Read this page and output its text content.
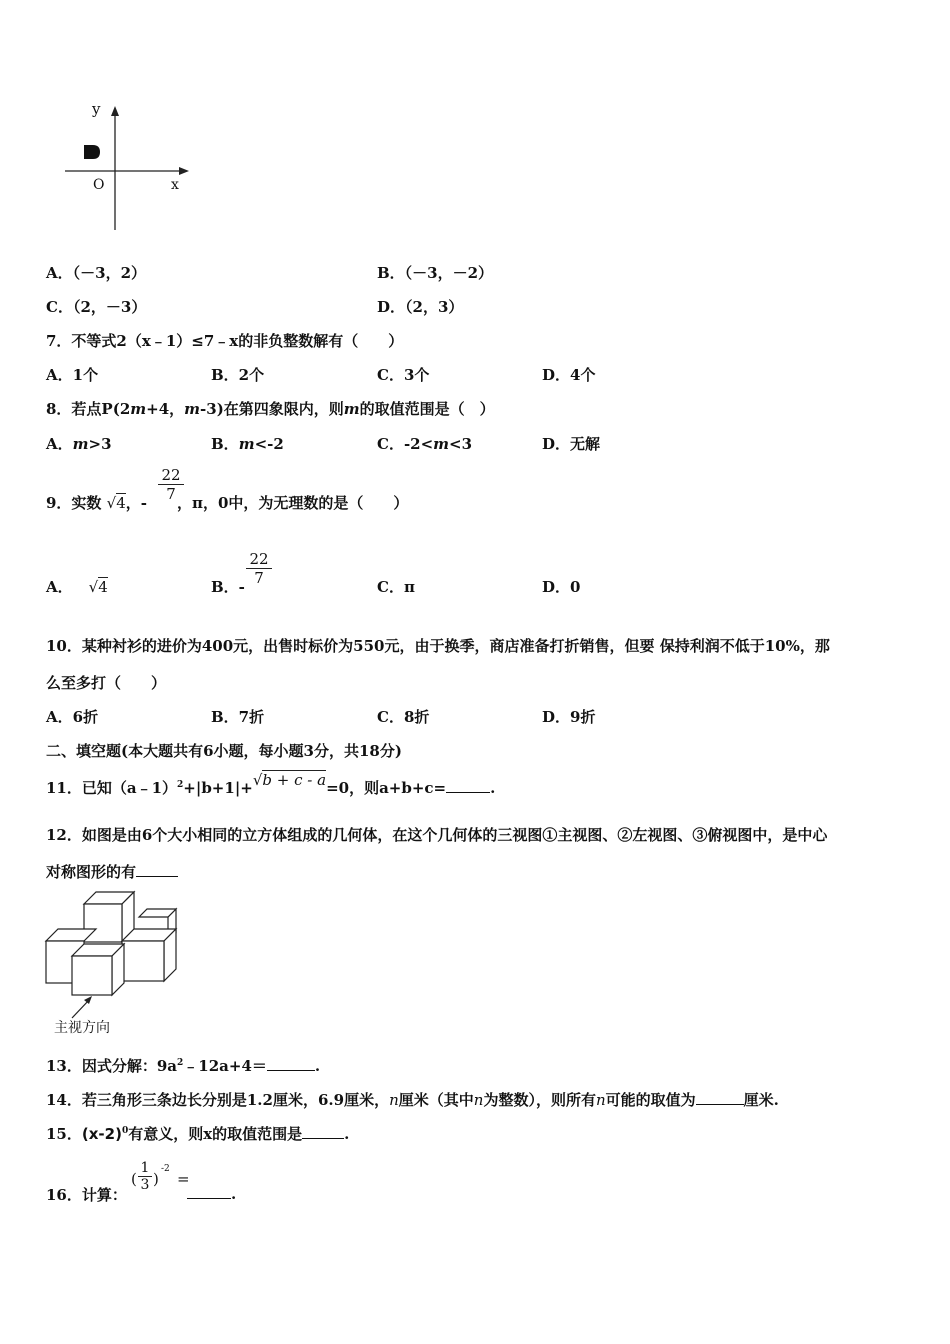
y
x
O
A．（－3，2）	B．（－3，－2）
C．（2，－3）	D．（2，3）
7．不等式2（x﹣1）≤7﹣x的非负整数解有（　　）
A．1个	B．2个	C．3个	D．4个
8．若点P(2m+4，m-3)在第四象限内，则m的取值范围是（　）
A．m>3	B．m<-2	C．-2<m<3	D．无解
9．实数 √4，- ，π，0中，为无理数的是（　　）
$\frac{22}{7}$
A． √4	B．- $\frac{22}{7}$	C．π	D．0
10．某种衬衫的进价为400元，出售时标价为550元，由于换季，商店准备打折销售，但要 保持利润不低于10%，那
么至多打（　　）
A．6折	B．7折	C．8折	D．9折
二、填空题(本大题共有6小题，每小题3分，共18分)
11．已知（a﹣1）$^2$+|b+1|+√b + c - a=0，则a+b+c=	.
12．如图是由6个大小相同的立方体组成的几何体，在这个几何体的三视图①主视图、②左视图、③俯视图中，是中心
对称图形的有
主视方向
13．因式分解：$9a^2﹣12a+4=$	.
14．若三角形三条边长分别是1.2厘米，6.9厘米，n厘米（其中n为整数），则所有n可能的取值为	厘米.
15．$(x-2)^0$有意义，则x的取值范围是	.
16．计算：
( $\frac{1}{3}$ )
-2
=
.
